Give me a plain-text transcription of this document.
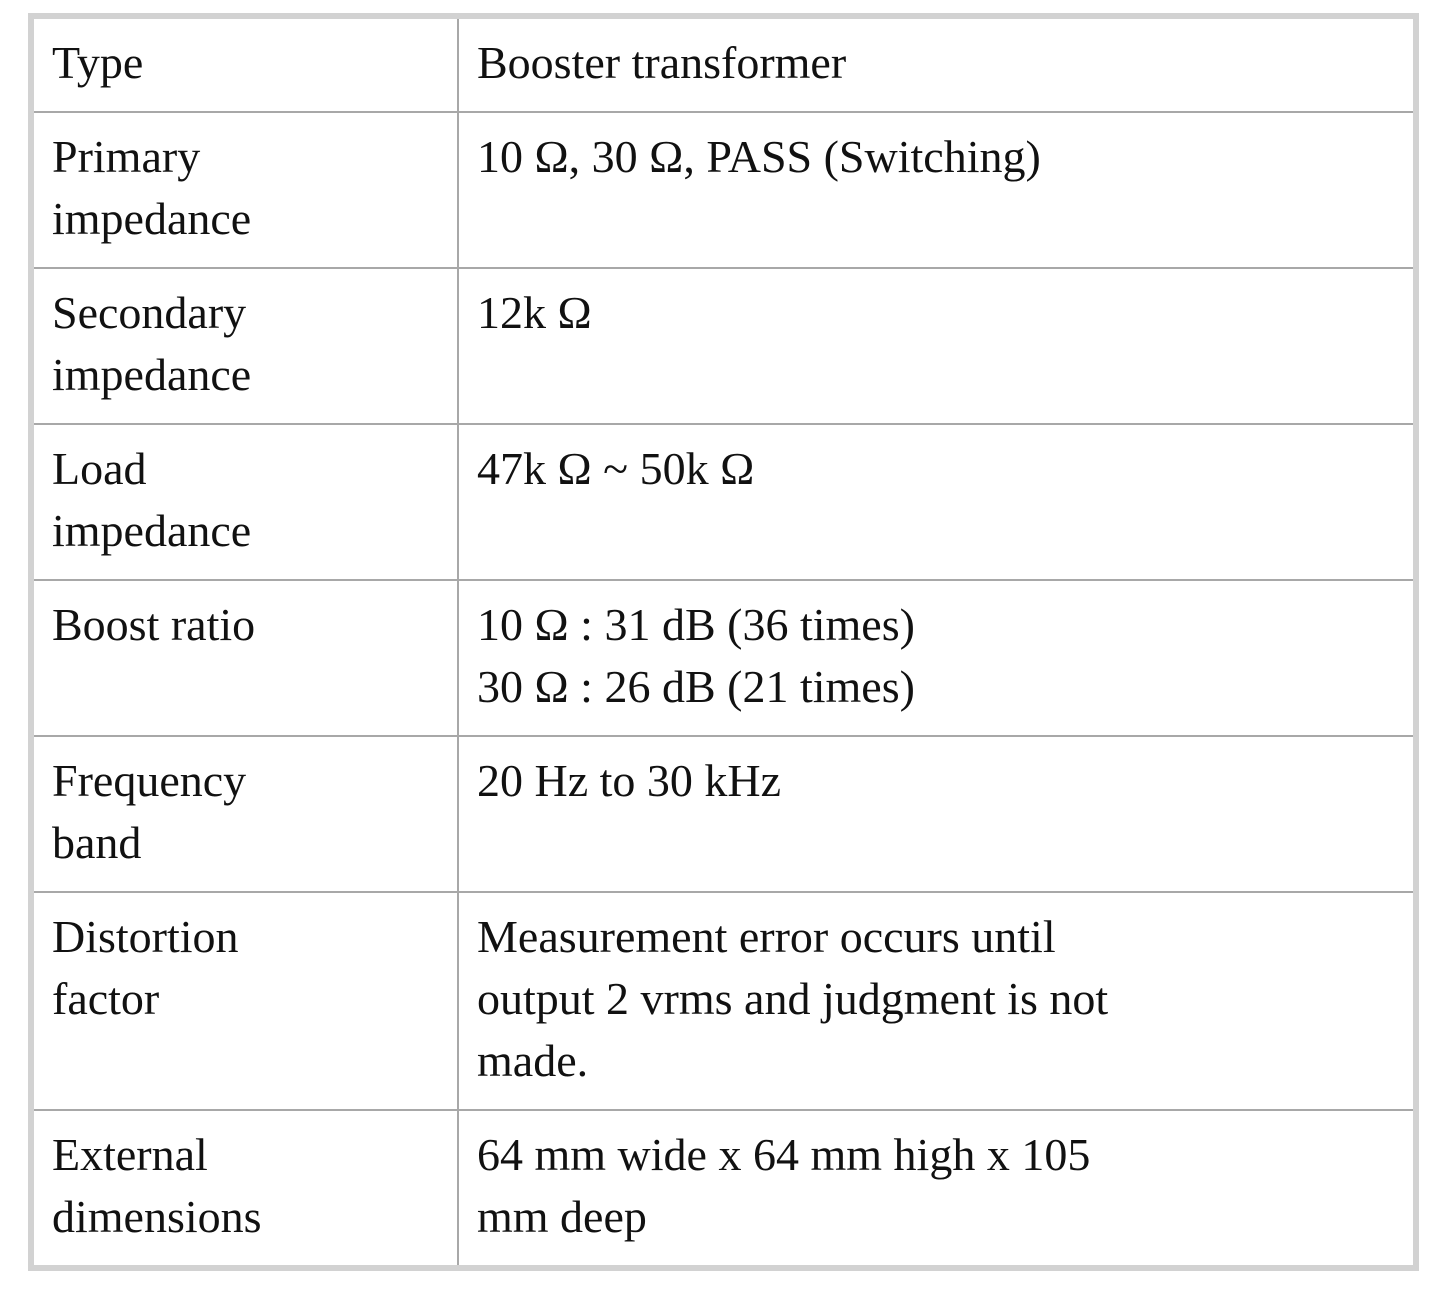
Type	Booster transformer

Primary
impedance	10 Ω, 30 Ω, PASS (Switching)

Secondary
impedance	12k Ω

Load
impedance	47k Ω ~ 50k Ω

Boost ratio	10 Ω : 31 dB (36 times)
30 Ω : 26 dB (21 times)

Frequency
band	20 Hz to 30 kHz

Distortion
factor	Measurement error occurs until
output 2 vrms and judgment is not
made.

External
dimensions	64 mm wide x 64 mm high x 105
mm deep
